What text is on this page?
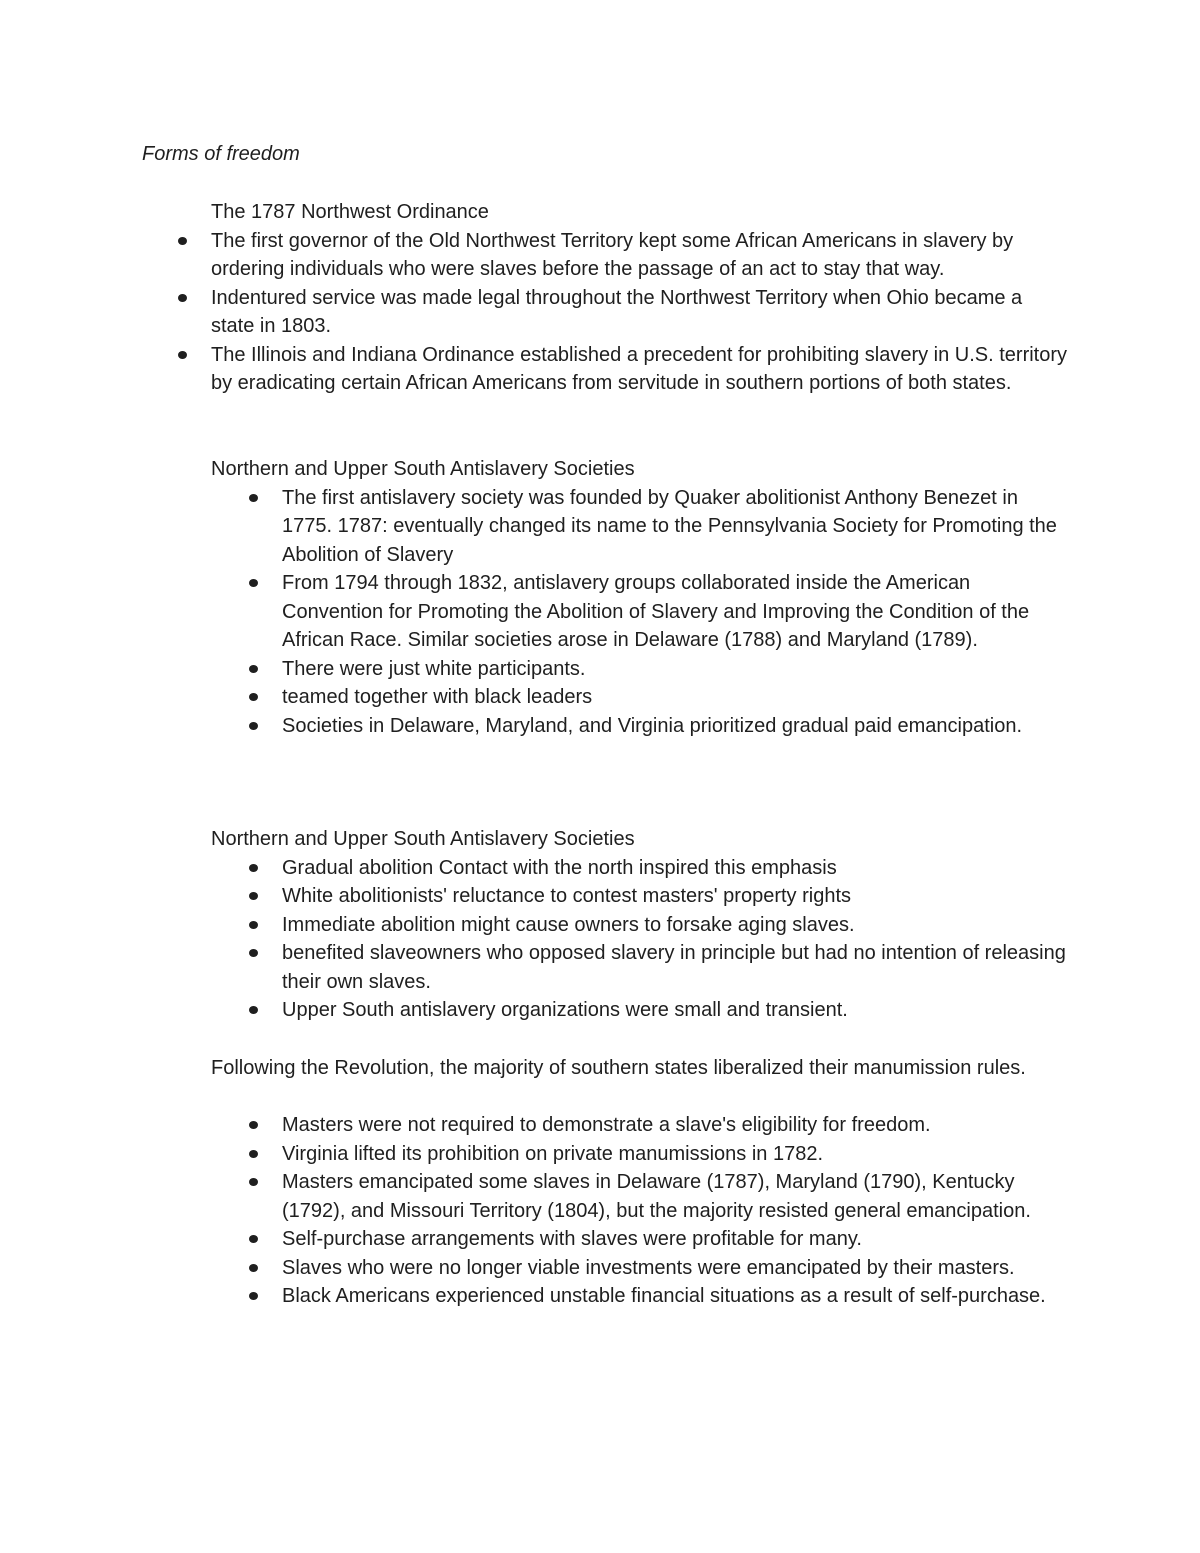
Forms of freedom
The 1787 Northwest Ordinance
The first governor of the Old Northwest Territory kept some African Americans in slavery by ordering individuals who were slaves before the passage of an act to stay that way.
Indentured service was made legal throughout the Northwest Territory when Ohio became a state in 1803.
The Illinois and Indiana Ordinance established a precedent for prohibiting slavery in U.S. territory by eradicating certain African Americans from servitude in southern portions of both states.
Northern and Upper South Antislavery Societies
The first antislavery society was founded by Quaker abolitionist Anthony Benezet in 1775. 1787: eventually changed its name to the Pennsylvania Society for Promoting the Abolition of Slavery
From 1794 through 1832, antislavery groups collaborated inside the American Convention for Promoting the Abolition of Slavery and Improving the Condition of the African Race. Similar societies arose in Delaware (1788) and Maryland (1789).
There were just white participants.
teamed together with black leaders
Societies in Delaware, Maryland, and Virginia prioritized gradual paid emancipation.
Northern and Upper South Antislavery Societies
Gradual abolition Contact with the north inspired this emphasis
White abolitionists' reluctance to contest masters' property rights
Immediate abolition might cause owners to forsake aging slaves.
benefited slaveowners who opposed slavery in principle but had no intention of releasing their own slaves.
Upper South antislavery organizations were small and transient.
Following the Revolution, the majority of southern states liberalized their manumission rules.
Masters were not required to demonstrate a slave's eligibility for freedom.
Virginia lifted its prohibition on private manumissions in 1782.
Masters emancipated some slaves in Delaware (1787), Maryland (1790), Kentucky (1792), and Missouri Territory (1804), but the majority resisted general emancipation.
Self-purchase arrangements with slaves were profitable for many.
Slaves who were no longer viable investments were emancipated by their masters.
Black Americans experienced unstable financial situations as a result of self-purchase.
